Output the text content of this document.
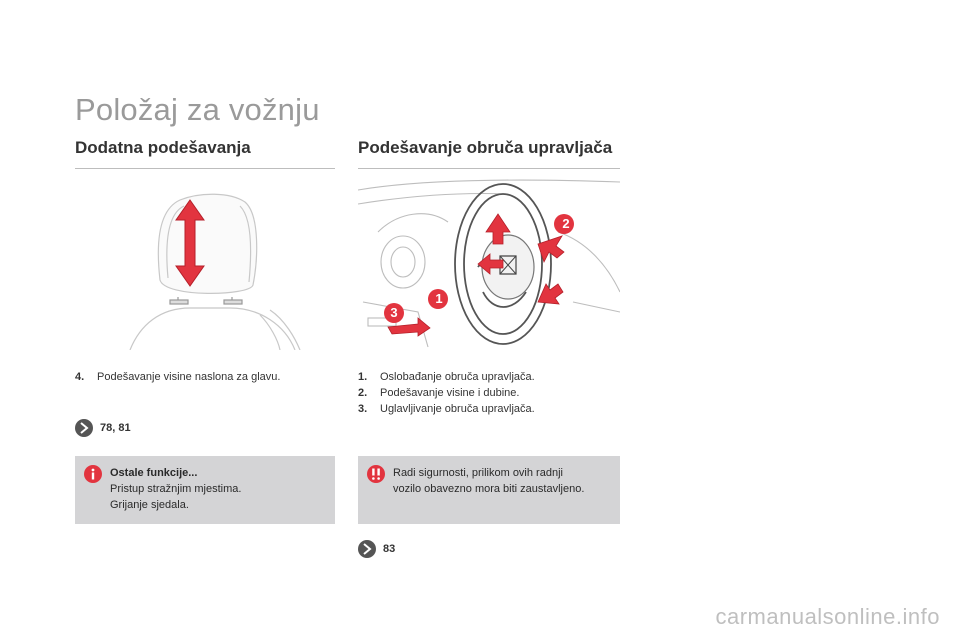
Položaj za vožnju
Dodatna podešavanja
4. Podešavanje visine naslona za glavu.
78, 81
Ostale funkcije...
Pristup stražnjim mjestima.
Grijanje sjedala.
Podešavanje obruča upravljača
2
1
3
1. Oslobađanje obruča upravljača.
2. Podešavanje visine i dubine.
3. Uglavljivanje obruča upravljača.
Radi sigurnosti, prilikom ovih radnji
vozilo obavezno mora biti zaustavljeno.
83
carmanualsonline.info
